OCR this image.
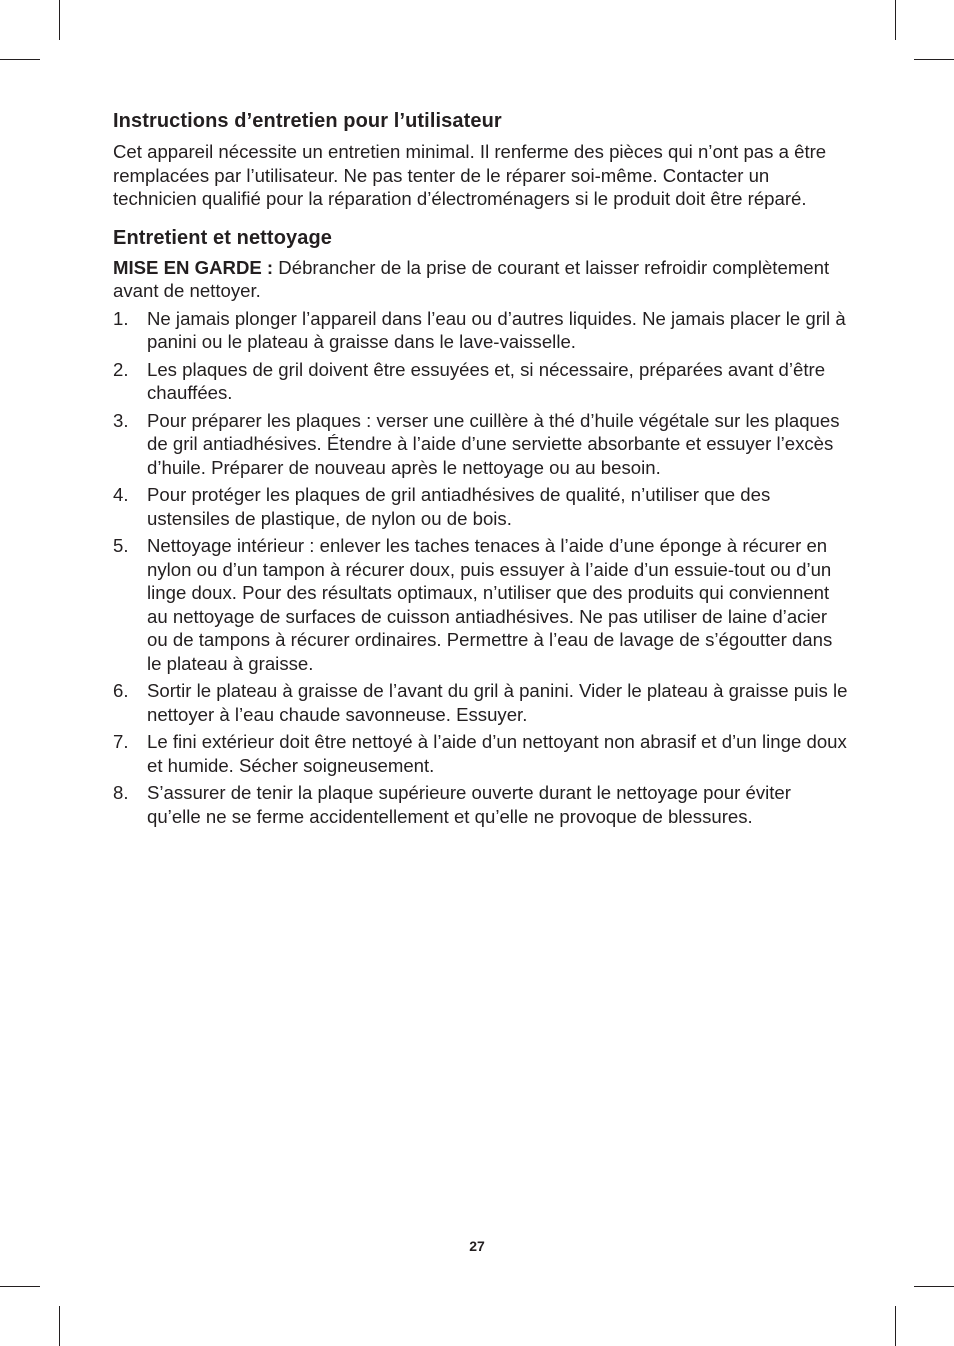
Instructions d’entretien pour l’utilisateur

Cet appareil nécessite un entretien minimal. Il renferme des pièces qui n’ont pas a être remplacées par l’utilisateur. Ne pas tenter de le réparer soi-même. Contacter un technicien qualifié pour la réparation d’électroménagers si le produit doit être réparé.

Entretient et nettoyage

MISE EN GARDE : Débrancher de la prise de courant et laisser refroidir complètement avant de nettoyer.

1. Ne jamais plonger l’appareil dans l’eau ou d’autres liquides. Ne jamais placer le gril à panini ou le plateau à graisse dans le lave-vaisselle.
2. Les plaques de gril doivent être essuyées et, si nécessaire, préparées avant d’être chauffées.
3. Pour préparer les plaques : verser une cuillère à thé d’huile végétale sur les plaques de gril antiadhésives. Étendre à l’aide d’une serviette absorbante et essuyer l’excès d’huile. Préparer de nouveau après le nettoyage ou au besoin.
4. Pour protéger les plaques de gril antiadhésives de qualité, n’utiliser que des ustensiles de plastique, de nylon ou de bois.
5. Nettoyage intérieur : enlever les taches tenaces à l’aide d’une éponge à récurer en nylon ou d’un tampon à récurer doux, puis essuyer à l’aide d’un essuie-tout ou d’un linge doux. Pour des résultats optimaux, n’utiliser que des produits qui conviennent au nettoyage de surfaces de cuisson antiadhésives. Ne pas utiliser de laine d’acier ou de tampons à récurer ordinaires. Permettre à l’eau de lavage de s’égoutter dans le plateau à graisse.
6. Sortir le plateau à graisse de l’avant du gril à panini. Vider le plateau à graisse puis le nettoyer à l’eau chaude savonneuse. Essuyer.
7. Le fini extérieur doit être nettoyé à l’aide d’un nettoyant non abrasif et d’un linge doux et humide. Sécher soigneusement.
8. S’assurer de tenir la plaque supérieure ouverte durant le nettoyage pour éviter qu’elle ne se ferme accidentellement et qu’elle ne provoque de blessures.
27
